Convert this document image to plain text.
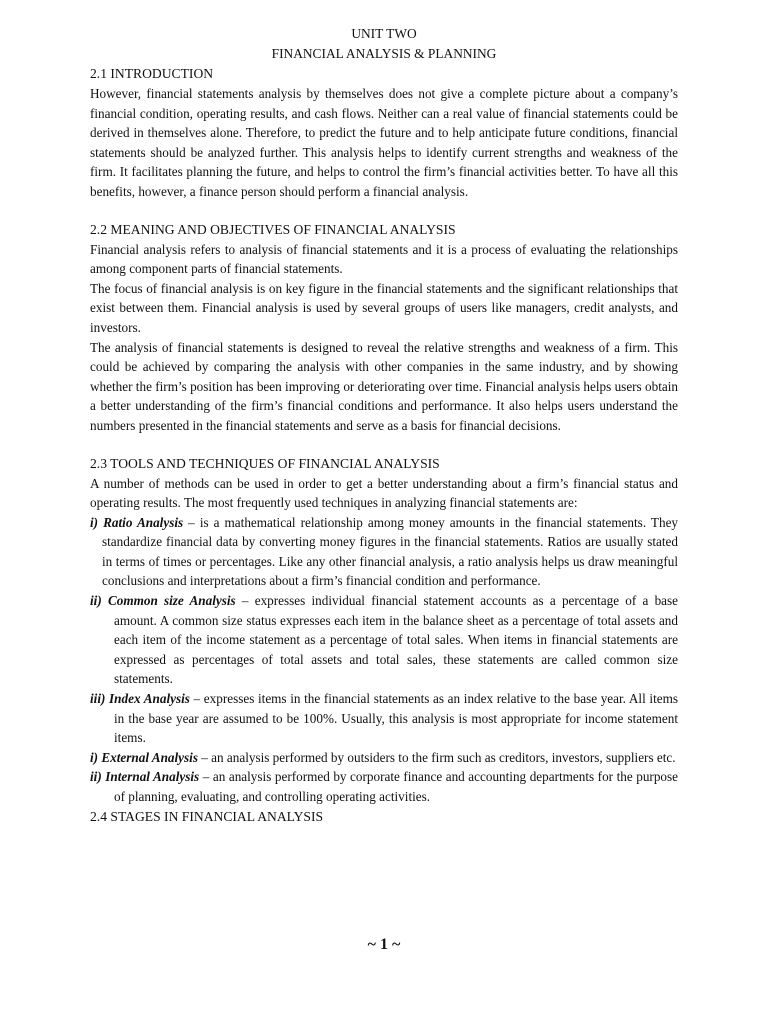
UNIT TWO
FINANCIAL ANALYSIS & PLANNING
2.1 INTRODUCTION

However, financial statements analysis by themselves does not give a complete picture about a company’s financial condition, operating results, and cash flows. Neither can a real value of financial statements could be derived in themselves alone. Therefore, to predict the future and to help anticipate future conditions, financial statements should be analyzed further. This analysis helps to identify current strengths and weakness of the firm. It facilitates planning the future, and helps to control the firm’s financial activities better. To have all this benefits, however, a finance person should perform a financial analysis.

2.2 MEANING AND OBJECTIVES OF FINANCIAL ANALYSIS

Financial analysis refers to analysis of financial statements and it is a process of evaluating the relationships among component parts of financial statements.

The focus of financial analysis is on key figure in the financial statements and the significant relationships that exist between them. Financial analysis is used by several groups of users like managers, credit analysts, and investors.

The analysis of financial statements is designed to reveal the relative strengths and weakness of a firm. This could be achieved by comparing the analysis with other companies in the same industry, and by showing whether the firm’s position has been improving or deteriorating over time. Financial analysis helps users obtain a better understanding of the firm’s financial conditions and performance. It also helps users understand the numbers presented in the financial statements and serve as a basis for financial decisions.

2.3 TOOLS AND TECHNIQUES OF FINANCIAL ANALYSIS

A number of methods can be used in order to get a better understanding about a firm’s financial status and operating results. The most frequently used techniques in analyzing financial statements are:

i) Ratio Analysis – is a mathematical relationship among money amounts in the financial statements. They standardize financial data by converting money figures in the financial statements. Ratios are usually stated in terms of times or percentages. Like any other financial analysis, a ratio analysis helps us draw meaningful conclusions and interpretations about a firm’s financial condition and performance.
ii) Common size Analysis – expresses individual financial statement accounts as a percentage of a base amount. A common size status expresses each item in the balance sheet as a percentage of total assets and each item of the income statement as a percentage of total sales. When items in financial statements are expressed as percentages of total assets and total sales, these statements are called common size statements.
iii) Index Analysis – expresses items in the financial statements as an index relative to the base year. All items in the base year are assumed to be 100%. Usually, this analysis is most appropriate for income statement items.
i) External Analysis – an analysis performed by outsiders to the firm such as creditors, investors, suppliers etc.
ii) Internal Analysis – an analysis performed by corporate finance and accounting departments for the purpose of planning, evaluating, and controlling operating activities.
2.4 STAGES IN FINANCIAL ANALYSIS
~ 1 ~
